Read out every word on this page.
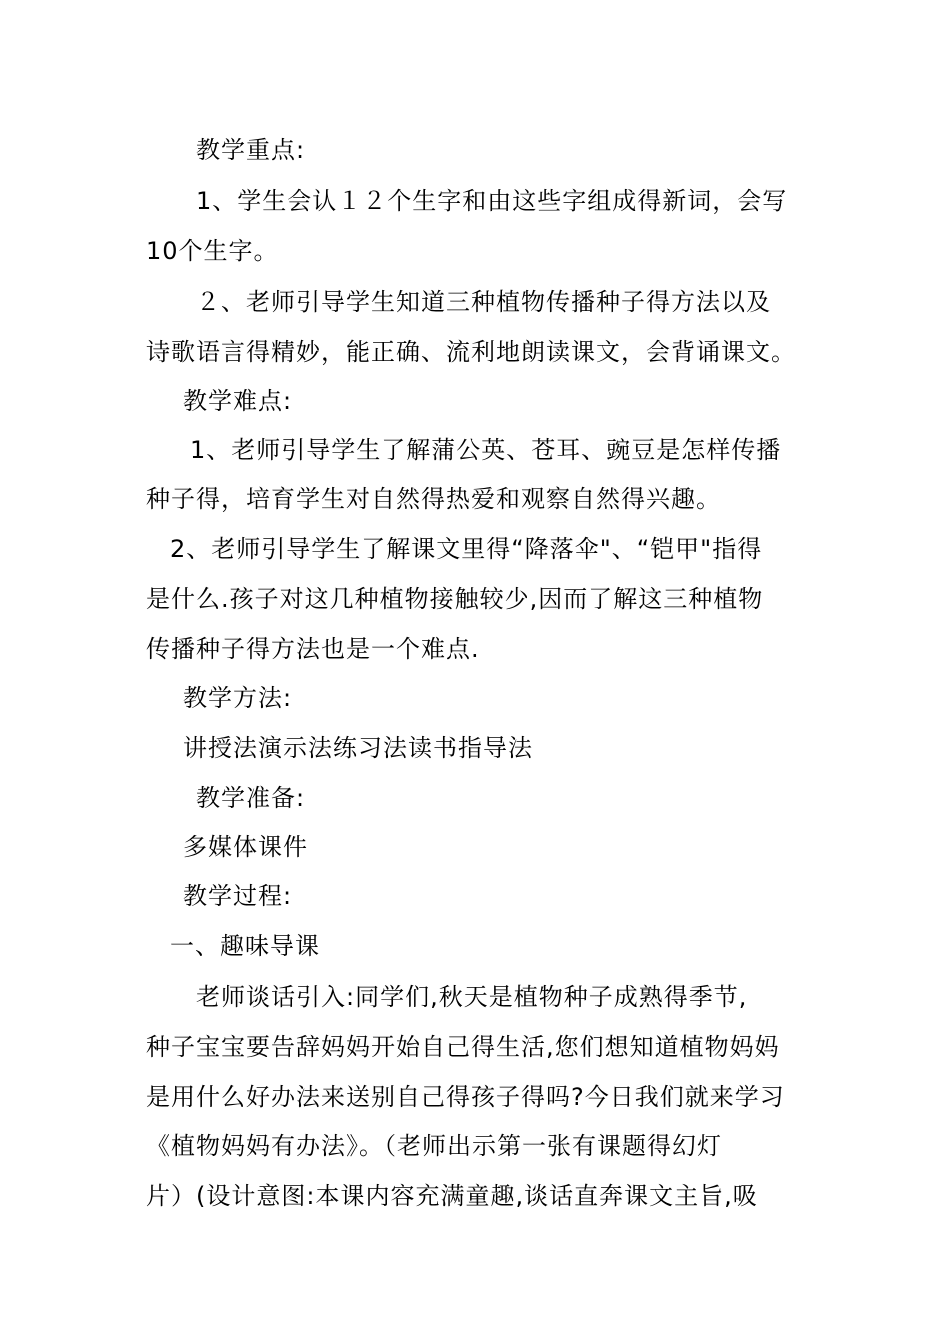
教学重点:
1、学生会认１２个生字和由这些字组成得新词，会写
10个生字。
２、老师引导学生知道三种植物传播种子得方法以及
诗歌语言得精妙，能正确、流利地朗读课文，会背诵课文。
教学难点:
1、老师引导学生了解蒲公英、苍耳、豌豆是怎样传播
种子得，培育学生对自然得热爱和观察自然得兴趣。
2、老师引导学生了解课文里得“降落伞"、“铠甲"指得
是什么.孩子对这几种植物接触较少,因而了解这三种植物
传播种子得方法也是一个难点.
教学方法:
讲授法演示法练习法读书指导法
教学准备:
多媒体课件
教学过程:
一、趣味导课
老师谈话引入:同学们,秋天是植物种子成熟得季节,
种子宝宝要告辞妈妈开始自己得生活,您们想知道植物妈妈
是用什么好办法来送别自己得孩子得吗?今日我们就来学习
《植物妈妈有办法》。（老师出示第一张有课题得幻灯
片）(设计意图:本课内容充满童趣,谈话直奔课文主旨,吸
